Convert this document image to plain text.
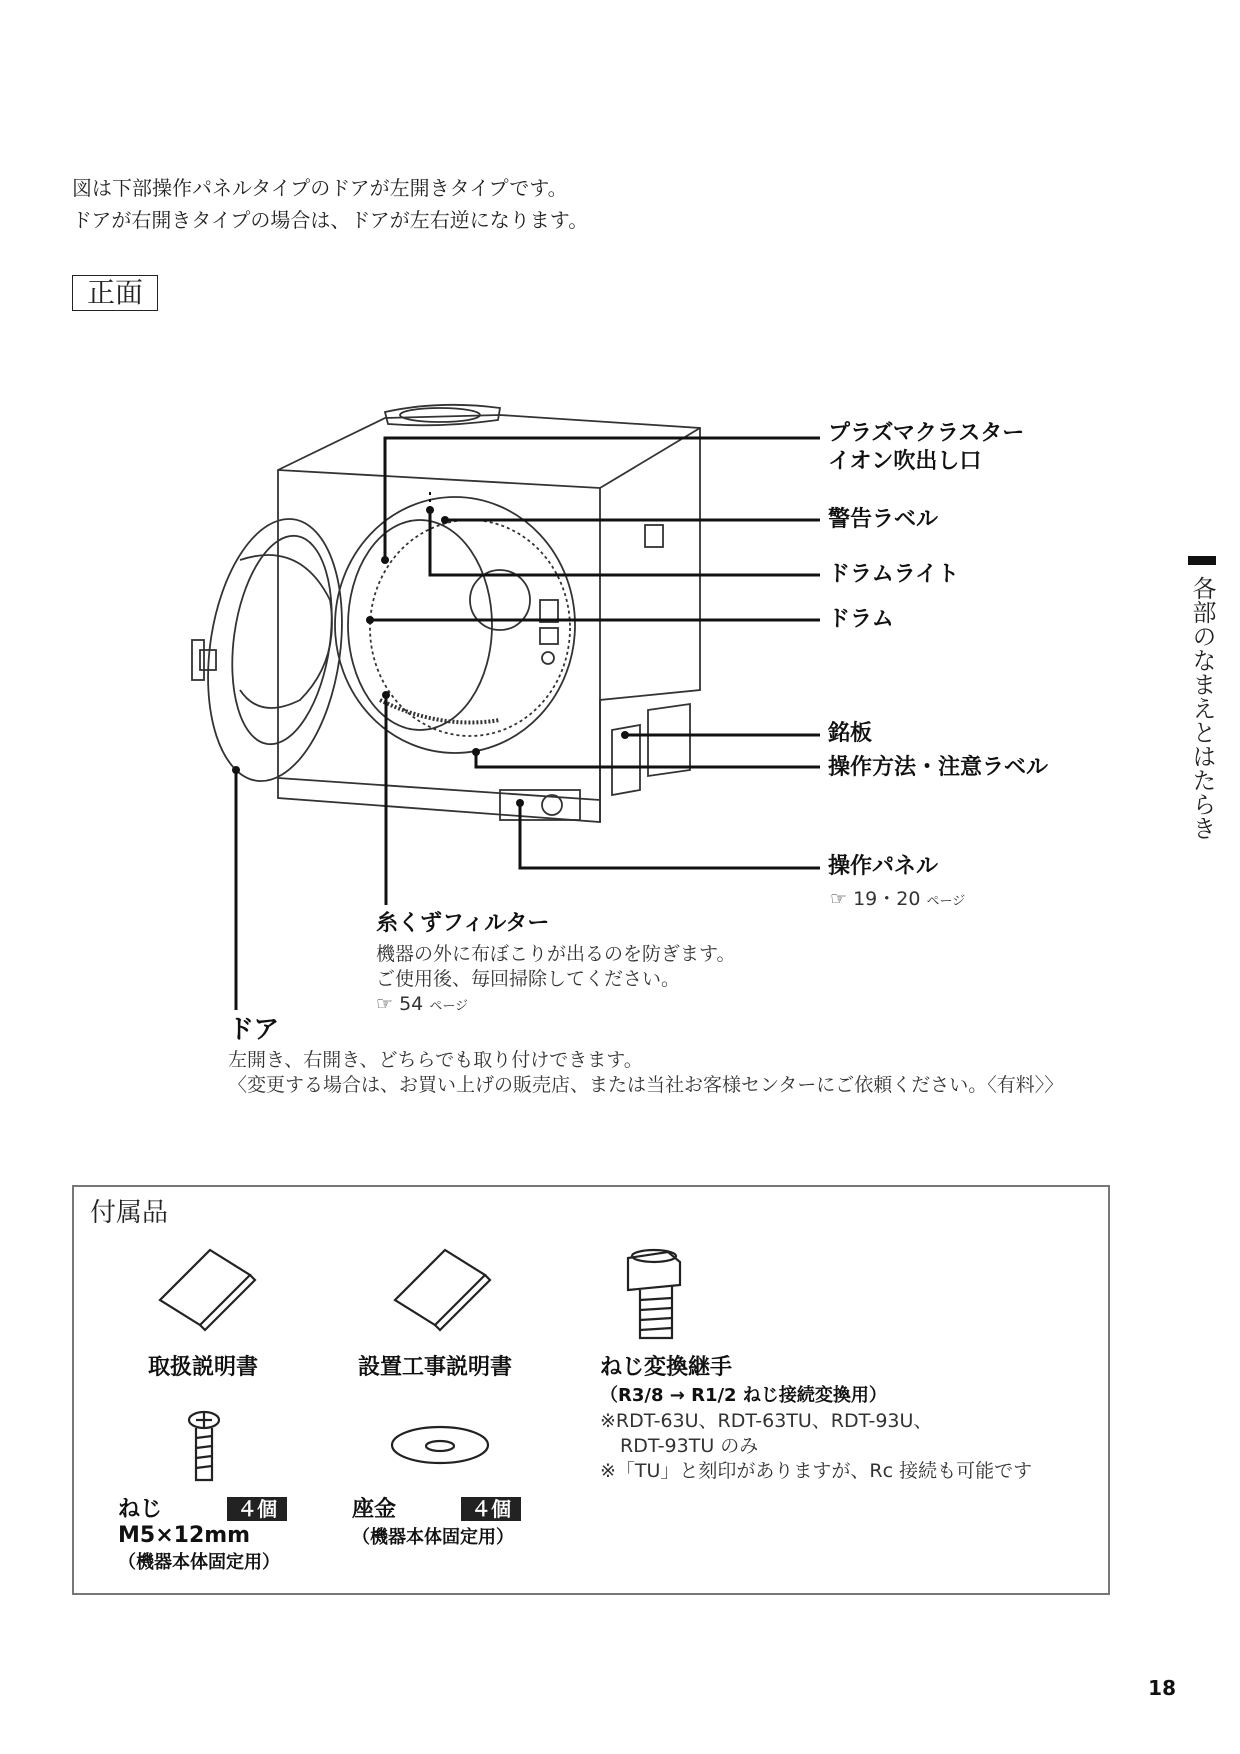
図は下部操作パネルタイプのドアが左開きタイプです。
ドアが右開きタイプの場合は、ドアが左右逆になります。
正面
各部のなまえとはたらき
プラズマクラスター
イオン吹出し口
警告ラベル
ドラムライト
ドラム
銘板
操作方法・注意ラベル
操作パネル
☞ 19・20 ページ
糸くずフィルター
機器の外に布ぼこりが出るのを防ぎます。
ご使用後、毎回掃除してください。
☞ 54 ページ
ドア
左開き、右開き、どちらでも取り付けできます。
〈変更する場合は、お買い上げの販売店、または当社お客様センターにご依頼ください。〈有料〉〉
付属品
取扱説明書	設置工事説明書	ねじ変換継手
（R3/8 → R1/2 ねじ接続変換用）
※RDT-63U、RDT-63TU、RDT-93U、
RDT-93TU のみ
※「TU」と刻印がありますが、Rc 接続も可能です
ねじ	４個
M5×12mm
（機器本体固定用）
座金	４個
（機器本体固定用）
18
